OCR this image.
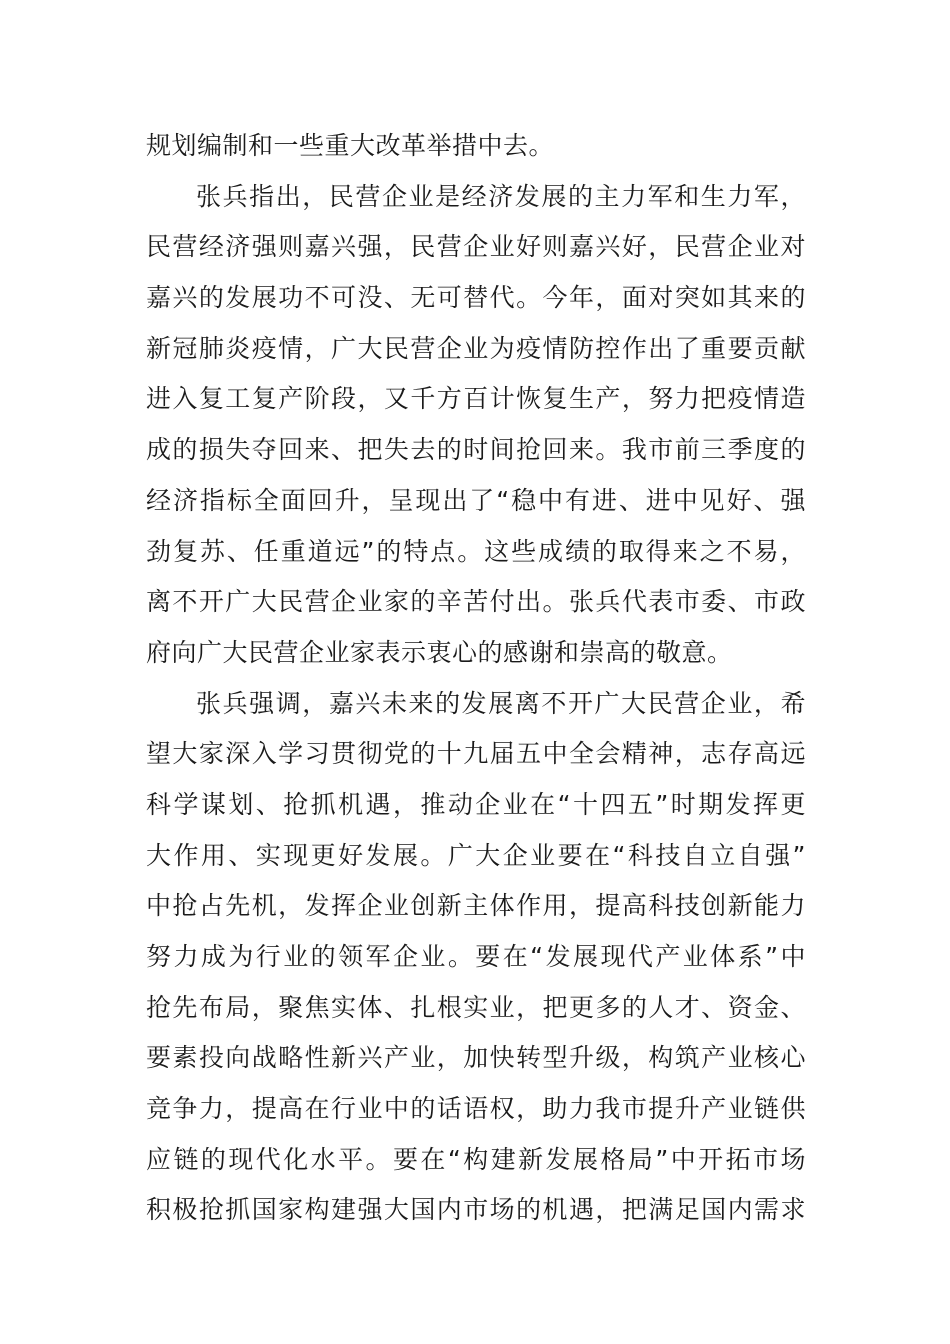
规划编制和一些重大改革举措中去。
张兵指出，民营企业是经济发展的主力军和生力军，
民营经济强则嘉兴强，民营企业好则嘉兴好，民营企业对
嘉兴的发展功不可没、无可替代。今年，面对突如其来的
新冠肺炎疫情，广大民营企业为疫情防控作出了重要贡献
进入复工复产阶段，又千方百计恢复生产，努力把疫情造
成的损失夺回来、把失去的时间抢回来。我市前三季度的
经济指标全面回升，呈现出了“稳中有进、进中见好、强
劲复苏、任重道远”的特点。这些成绩的取得来之不易，
离不开广大民营企业家的辛苦付出。张兵代表市委、市政
府向广大民营企业家表示衷心的感谢和崇高的敬意。
张兵强调，嘉兴未来的发展离不开广大民营企业，希
望大家深入学习贯彻党的十九届五中全会精神，志存高远
科学谋划、抢抓机遇，推动企业在“十四五”时期发挥更
大作用、实现更好发展。广大企业要在“科技自立自强”
中抢占先机，发挥企业创新主体作用，提高科技创新能力
努力成为行业的领军企业。要在“发展现代产业体系”中
抢先布局，聚焦实体、扎根实业，把更多的人才、资金、
要素投向战略性新兴产业，加快转型升级，构筑产业核心
竞争力，提高在行业中的话语权，助力我市提升产业链供
应链的现代化水平。要在“构建新发展格局”中开拓市场
积极抢抓国家构建强大国内市场的机遇，把满足国内需求
